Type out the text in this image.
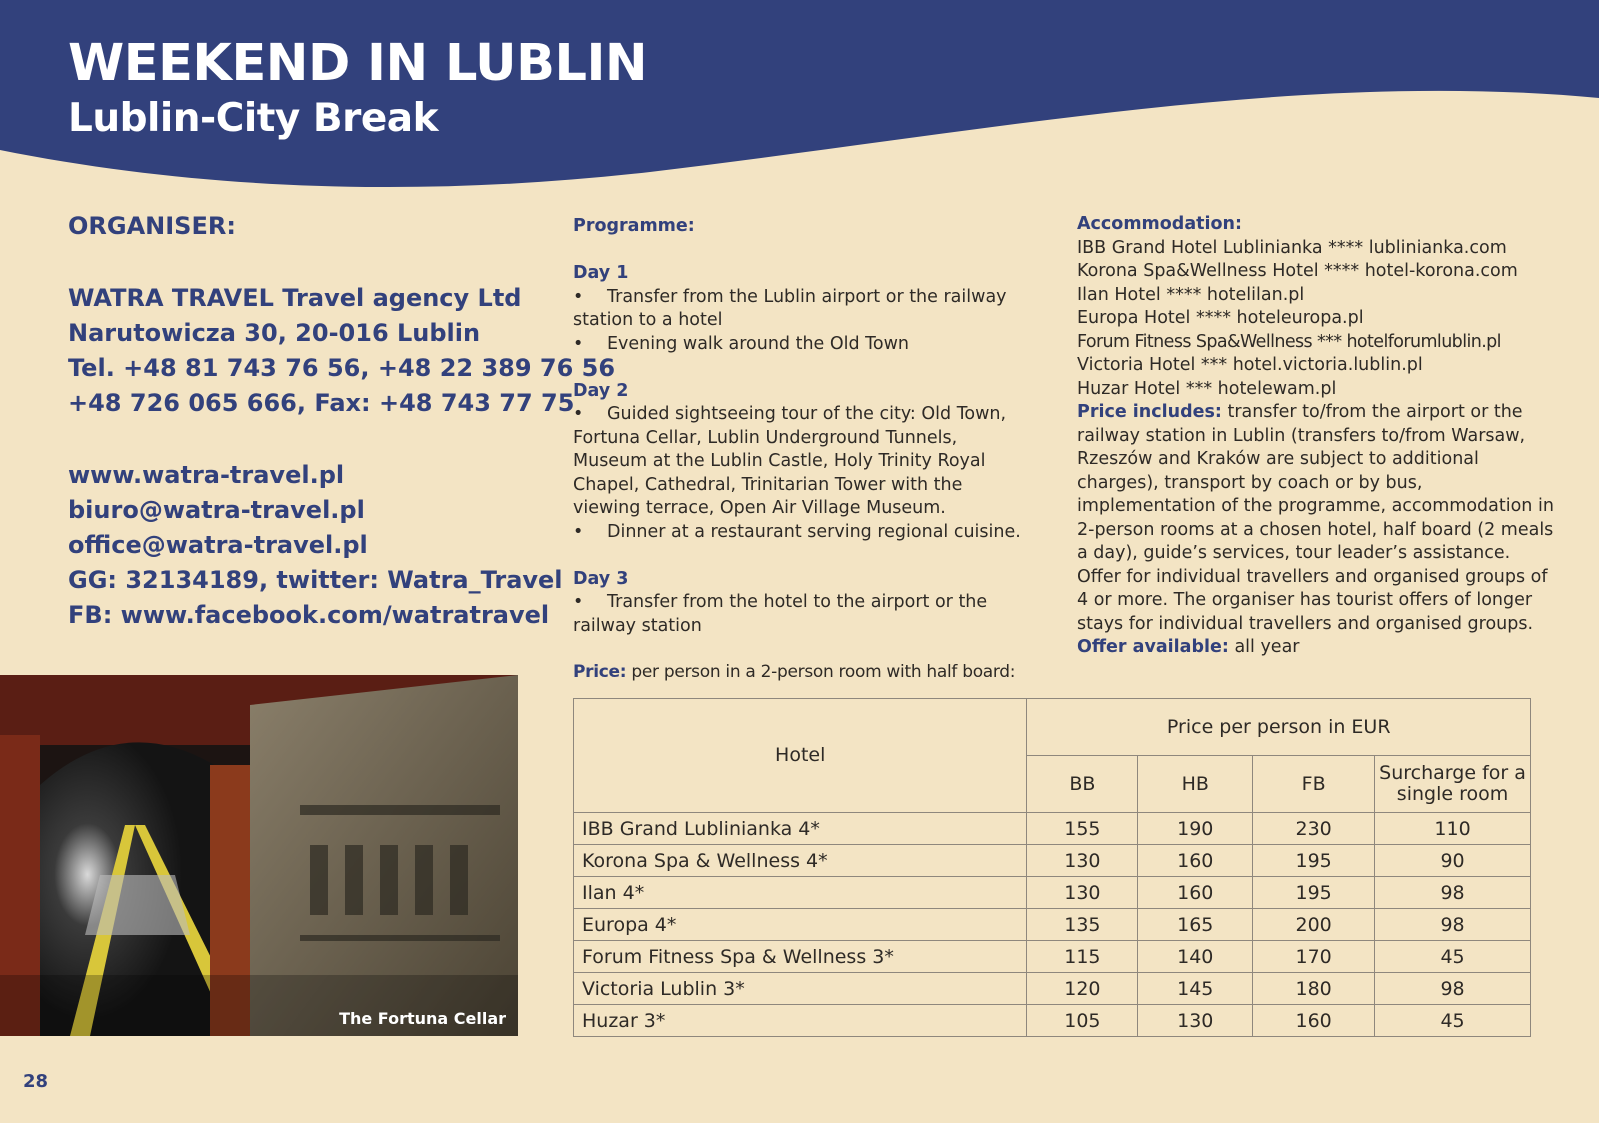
WEEKEND IN LUBLIN
Lublin-City Break
ORGANISER:
WATRA TRAVEL Travel agency Ltd
Narutowicza 30, 20-016 Lublin
Tel. +48 81 743 76 56, +48 22 389 76 56
+48 726 065 666, Fax: +48 743 77 75
www.watra-travel.pl
biuro@watra-travel.pl
office@watra-travel.pl
GG: 32134189, twitter: Watra_Travel
FB: www.facebook.com/watratravel
The Fortuna Cellar
28
Programme:
Day 1
• Transfer from the Lublin airport or the railway station to a hotel
• Evening walk around the Old Town
Day 2
• Guided sightseeing tour of the city: Old Town, Fortuna Cellar, Lublin Underground Tunnels, Museum at the Lublin Castle, Holy Trinity Royal Chapel, Cathedral, Trinitarian Tower with the viewing terrace, Open Air Village Museum.
• Dinner at a restaurant serving regional cuisine.
Day 3
• Transfer from the hotel to the airport or the railway station
Price: per person in a 2-person room with half board:
Accommodation:
IBB Grand Hotel Lublinianka **** lublinianka.com
Korona Spa&Wellness Hotel **** hotel-korona.com
Ilan Hotel **** hotelilan.pl
Europa Hotel **** hoteleuropa.pl
Forum Fitness Spa&Wellness *** hotelforumlublin.pl
Victoria Hotel *** hotel.victoria.lublin.pl
Huzar Hotel *** hotelewam.pl
Price includes: transfer to/from the airport or the railway station in Lublin (transfers to/from Warsaw, Rzeszów and Kraków are subject to additional charges), transport by coach or by bus, implementation of the programme, accommodation in 2-person rooms at a chosen hotel, half board (2 meals a day), guide’s services, tour leader’s assistance. Offer for individual travellers and organised groups of 4 or more. The organiser has tourist offers of longer stays for individual travellers and organised groups.
Offer available: all year
Hotel	Price per person in EUR			
	BB	HB	FB	Surcharge for a single room
IBB Grand Lublinianka 4*	155	190	230	110
Korona Spa & Wellness 4*	130	160	195	90
Ilan 4*	130	160	195	98
Europa 4*	135	165	200	98
Forum Fitness Spa & Wellness 3*	115	140	170	45
Victoria Lublin 3*	120	145	180	98
Huzar 3*	105	130	160	45
